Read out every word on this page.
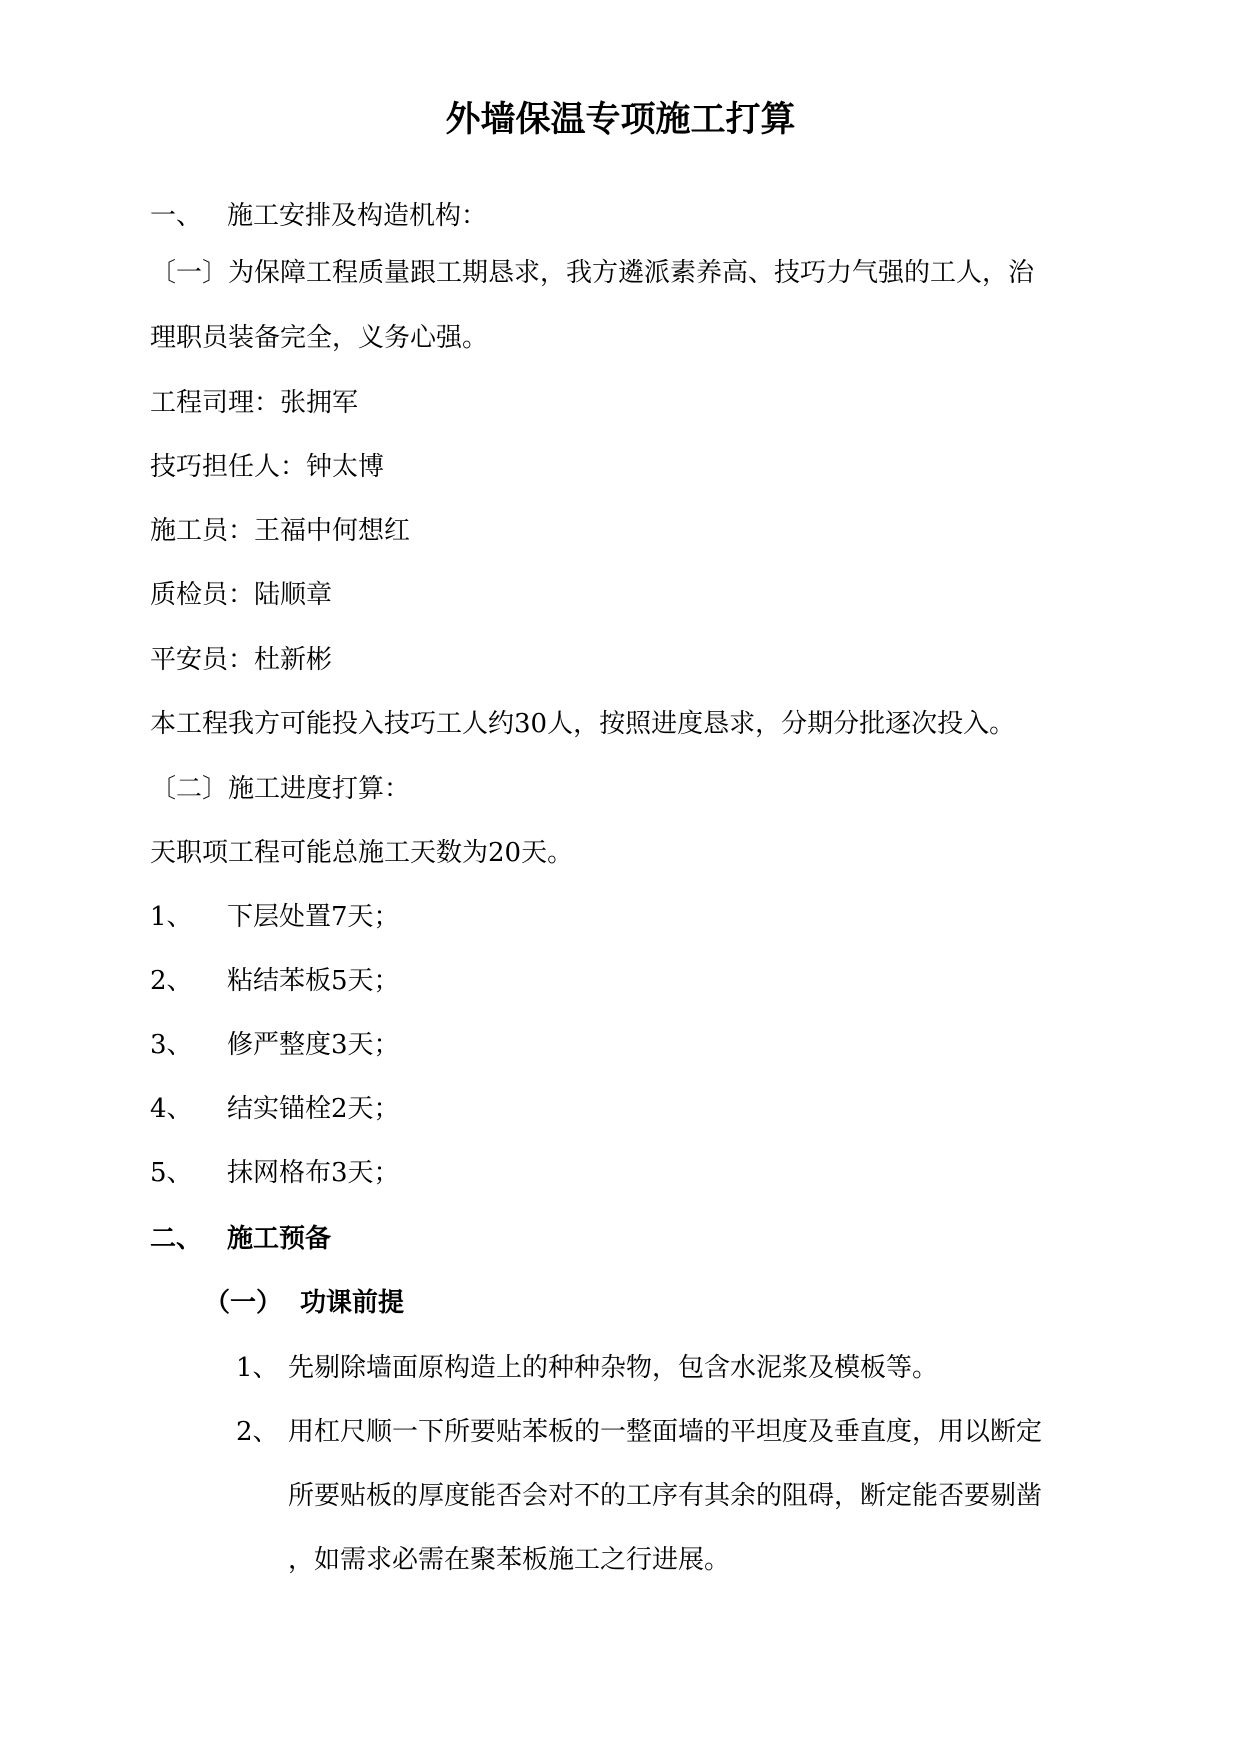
外墙保温专项施工打算
一、 施工安排及构造机构：
〔一〕为保障工程质量跟工期恳求，我方遴派素养高、技巧力气强的工人，治
理职员装备完全，义务心强。
工程司理：张拥军
技巧担任人：钟太博
施工员：王福中何想红
质检员：陆顺章
平安员：杜新彬
本工程我方可能投入技巧工人约30人，按照进度恳求，分期分批逐次投入。
〔二〕施工进度打算：
天职项工程可能总施工天数为20天。
1、 下层处置7天；
2、 粘结苯板5天；
3、 修严整度3天；
4、 结实锚栓2天；
5、 抹网格布3天；
二、 施工预备
（一） 功课前提
1、 先剔除墙面原构造上的种种杂物，包含水泥浆及模板等。
2、 用杠尺顺一下所要贴苯板的一整面墙的平坦度及垂直度，用以断定
所要贴板的厚度能否会对不的工序有其余的阻碍，断定能否要剔凿
，如需求必需在聚苯板施工之行进展。
